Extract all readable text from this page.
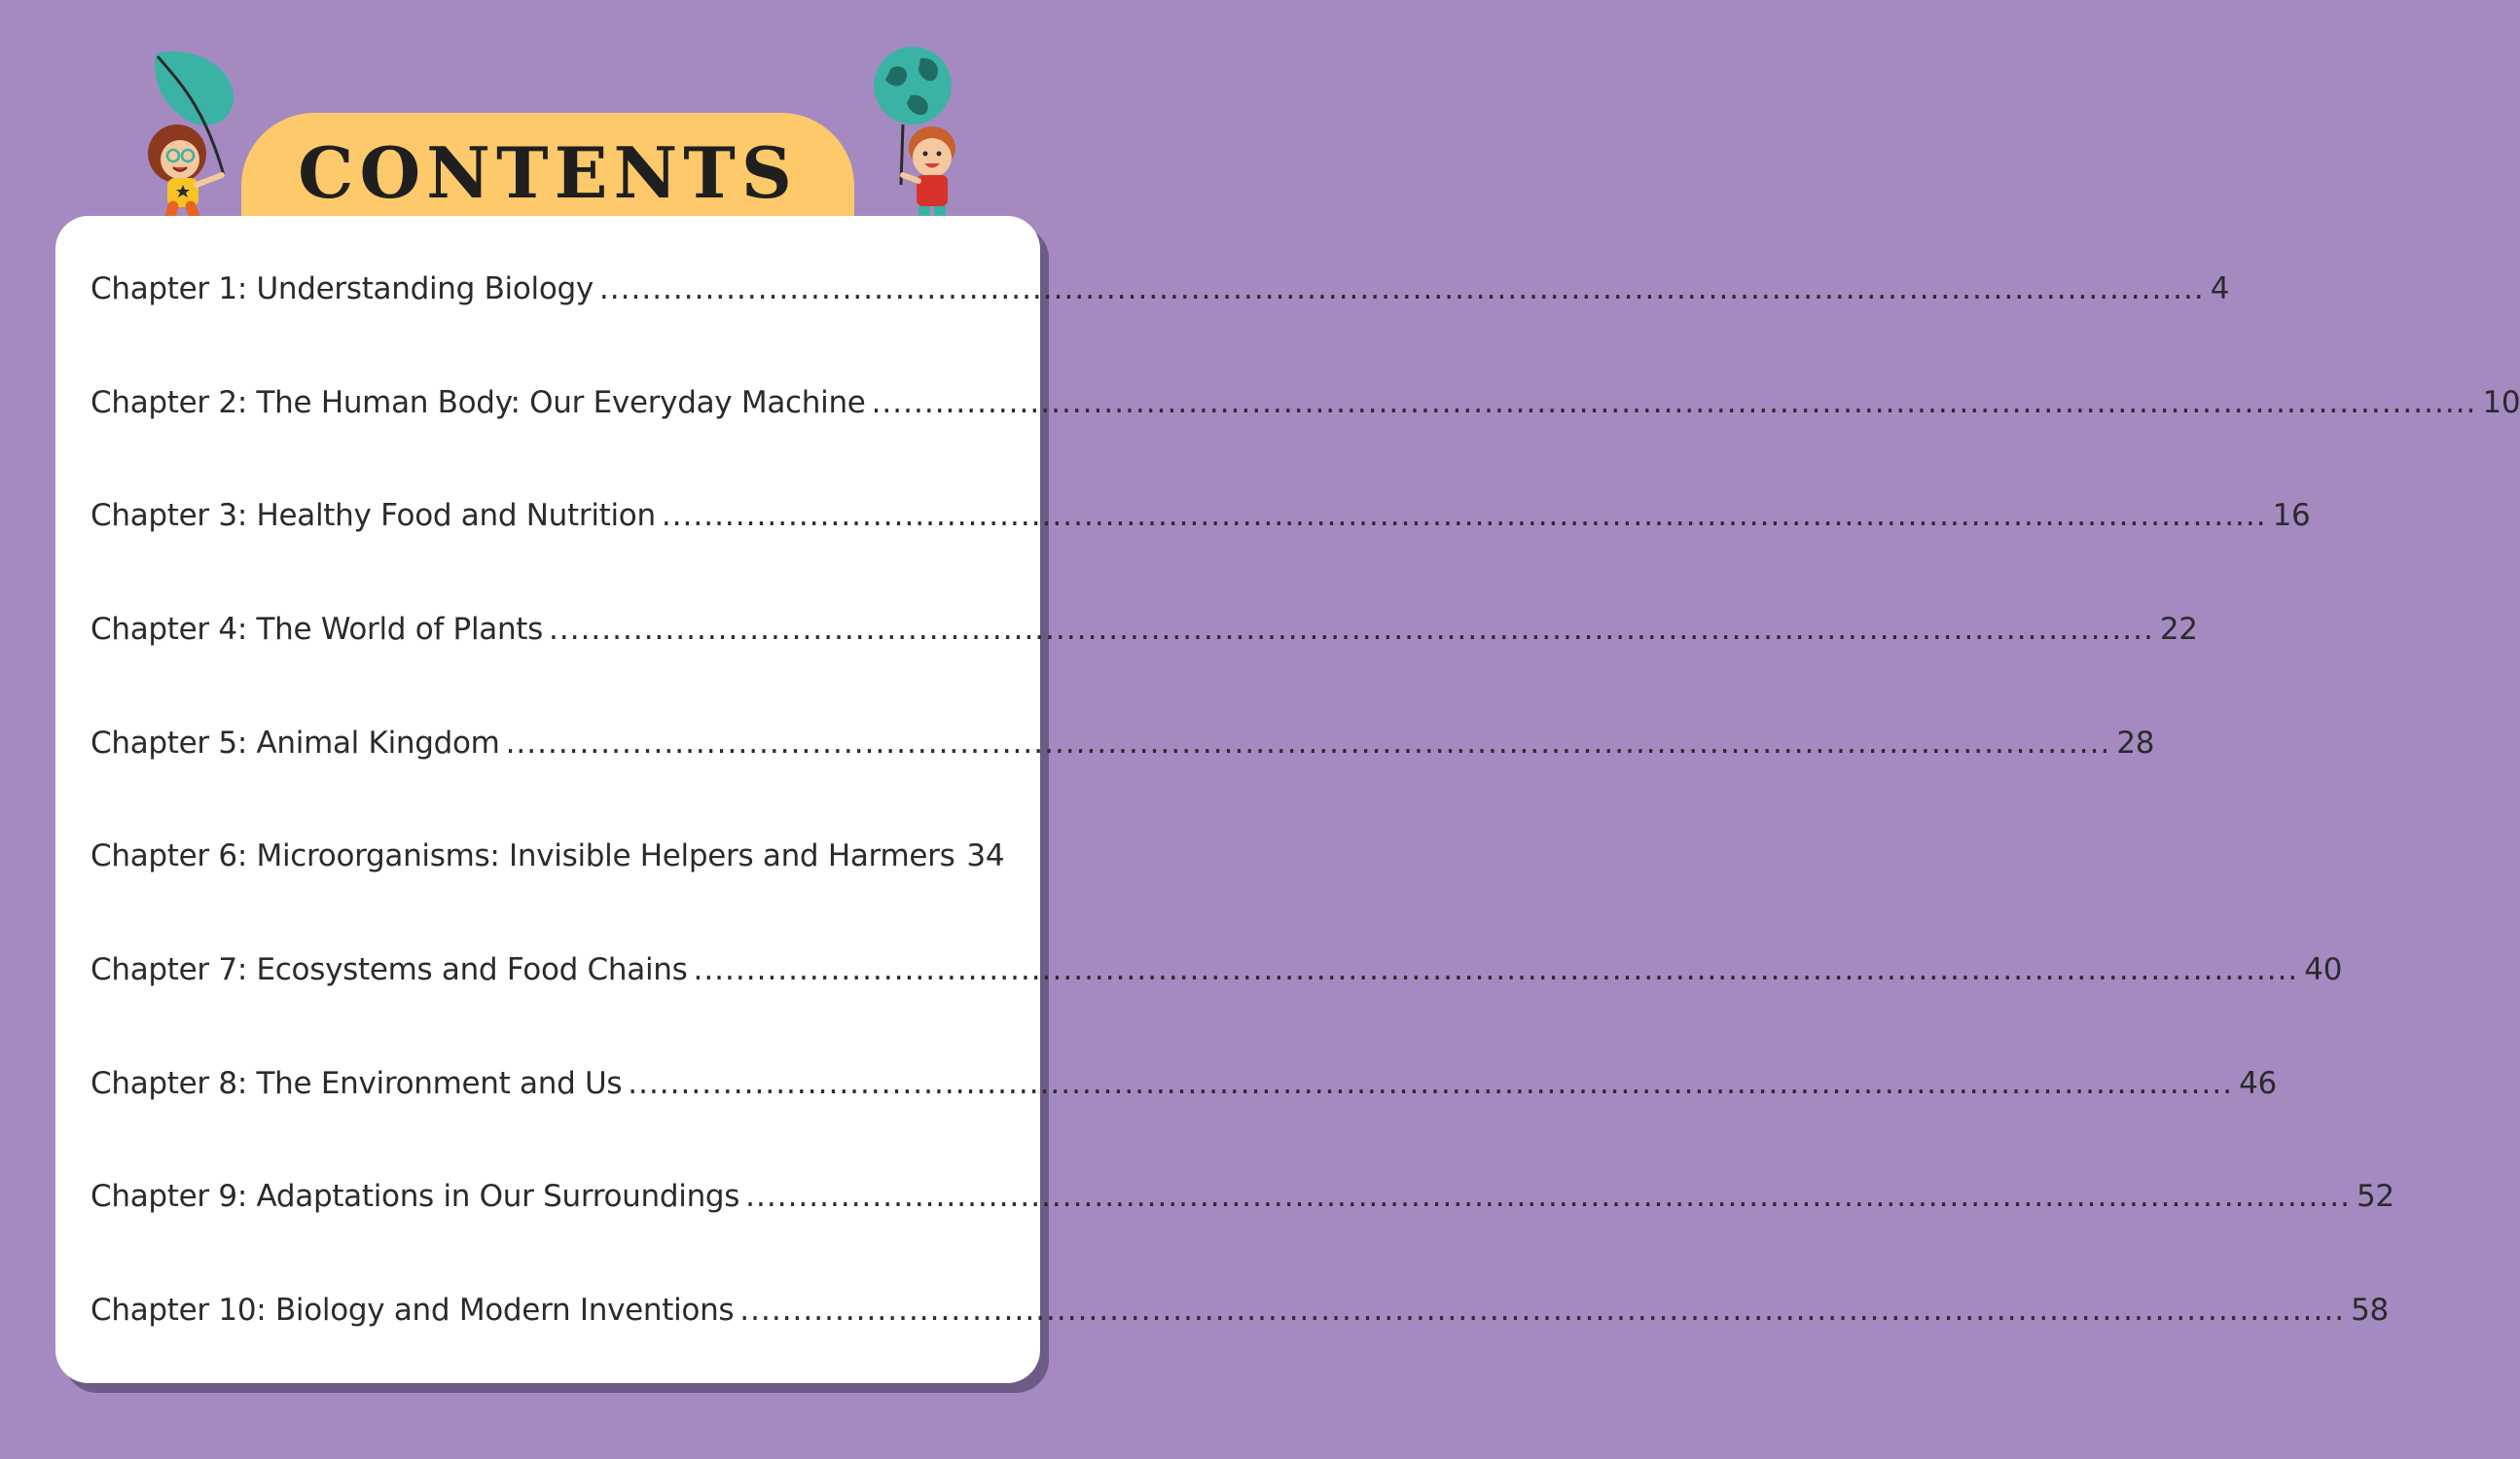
CONTENTS
Chapter 1: Understanding Biology .....	4
Chapter 2: The Human Body: Our Everyday Machine .....	10
Chapter 3: Healthy Food and Nutrition .....	16
Chapter 4: The World of Plants .....	22
Chapter 5: Animal Kingdom .....	28
Chapter 6: Microorganisms: Invisible Helpers and Harmers 34
Chapter 7: Ecosystems and Food Chains .....	40
Chapter 8: The Environment and Us .....	46
Chapter 9: Adaptations in Our Surroundings .....	52
Chapter 10: Biology and Modern Inventions .....	58
